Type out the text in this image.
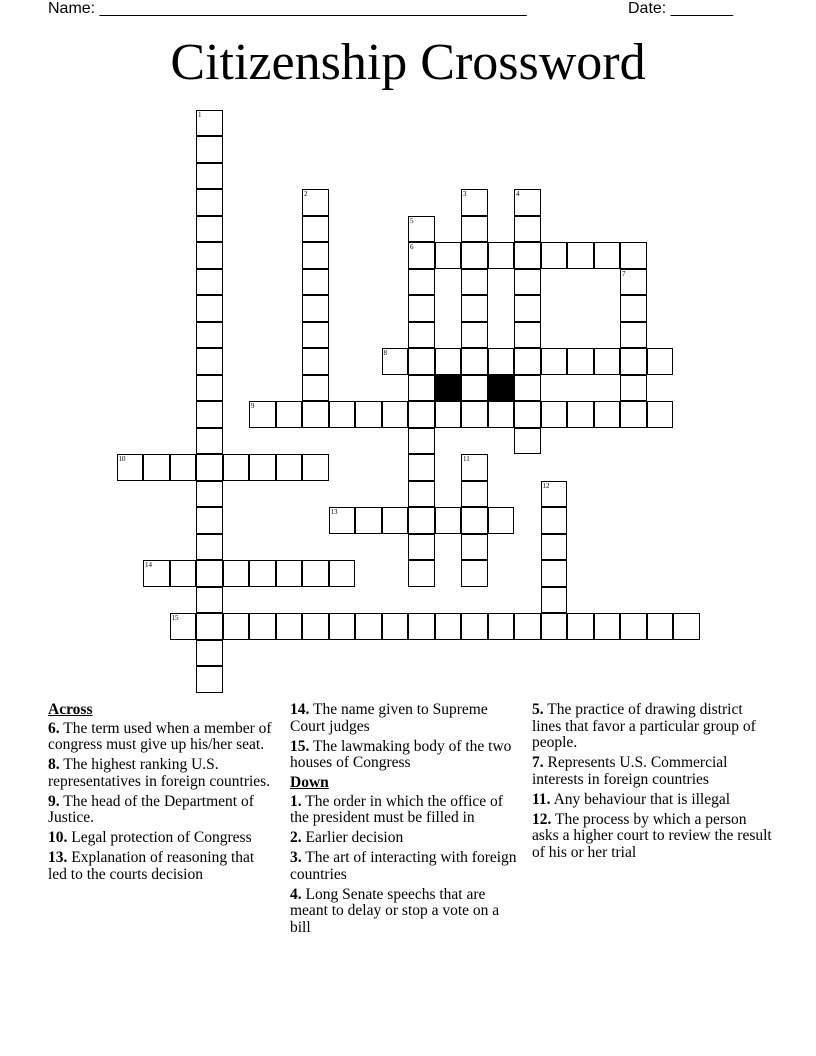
Name: ________________________________________________	Date: _______
Citizenship Crossword
1
2	3	4
5
6
7
8
9
10	11
12
13
14
15
Across
6. The term used when a member of congress must give up his/her seat.
8. The highest ranking U.S. representatives in foreign countries.
9. The head of the Department of Justice.
10. Legal protection of Congress
13. Explanation of reasoning that led to the courts decision
14. The name given to Supreme Court judges
15. The lawmaking body of the two houses of Congress
Down
1. The order in which the office of the president must be filled in
2. Earlier decision
3. The art of interacting with foreign countries
4. Long Senate speechs that are meant to delay or stop a vote on a bill
5. The practice of drawing district lines that favor a particular group of people.
7. Represents U.S. Commercial interests in foreign countries
11. Any behaviour that is illegal
12. The process by which a person asks a higher court to review the result of his or her trial
